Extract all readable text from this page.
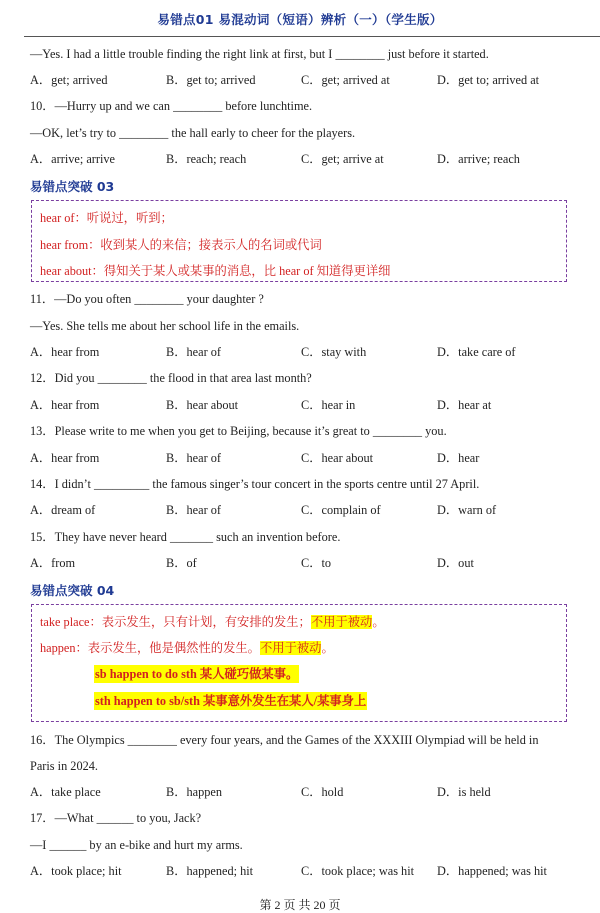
易错点01 易混动词（短语）辨析（一）（学生版）
—Yes. I had a little trouble finding the right link at first, but I ________ just before it started.
A．get; arrived	B．get to; arrived	C．get; arrived at	D．get to; arrived at
10．—Hurry up and we can ________ before lunchtime.
—OK, let’s try to ________ the hall early to cheer for the players.
A．arrive; arrive	B．reach; reach	C．get; arrive at	D．arrive; reach
易错点突破 03
hear of：听说过，听到；
hear from：收到某人的来信；接表示人的名词或代词
hear about：得知关于某人或某事的消息，比 hear of 知道得更详细
11．—Do you often ________ your daughter ?
—Yes. She tells me about her school life in the emails.
A．hear from	B．hear of	C．stay with	D．take care of
12．Did you ________ the flood in that area last month?
A．hear from	B．hear about	C．hear in	D．hear at
13．Please write to me when you get to Beijing, because it’s great to ________ you.
A．hear from	B．hear of	C．hear about	D．hear
14．I didn’t _________ the famous singer’s tour concert in the sports centre until 27 April.
A．dream of	B．hear of	C．complain of	D．warn of
15．They have never heard _______ such an invention before.
A．from	B．of	C．to	D．out
易错点突破 04
take place：表示发生，只有计划，有安排的发生；不用于被动。
happen：表示发生，他是偶然性的发生。不用于被动。
sb happen to do sth 某人碰巧做某事。
sth happen to sb/sth 某事意外发生在某人/某事身上
16．The Olympics ________ every four years, and the Games of the XXXIII Olympiad will be held in
Paris in 2024.
A．take place	B．happen	C．hold	D．is held
17．—What ______ to you, Jack?
—I ______ by an e-bike and hurt my arms.
A．took place; hit	B．happened; hit	C．took place; was hit D．happened; was hit
第 2 页 共 20 页
